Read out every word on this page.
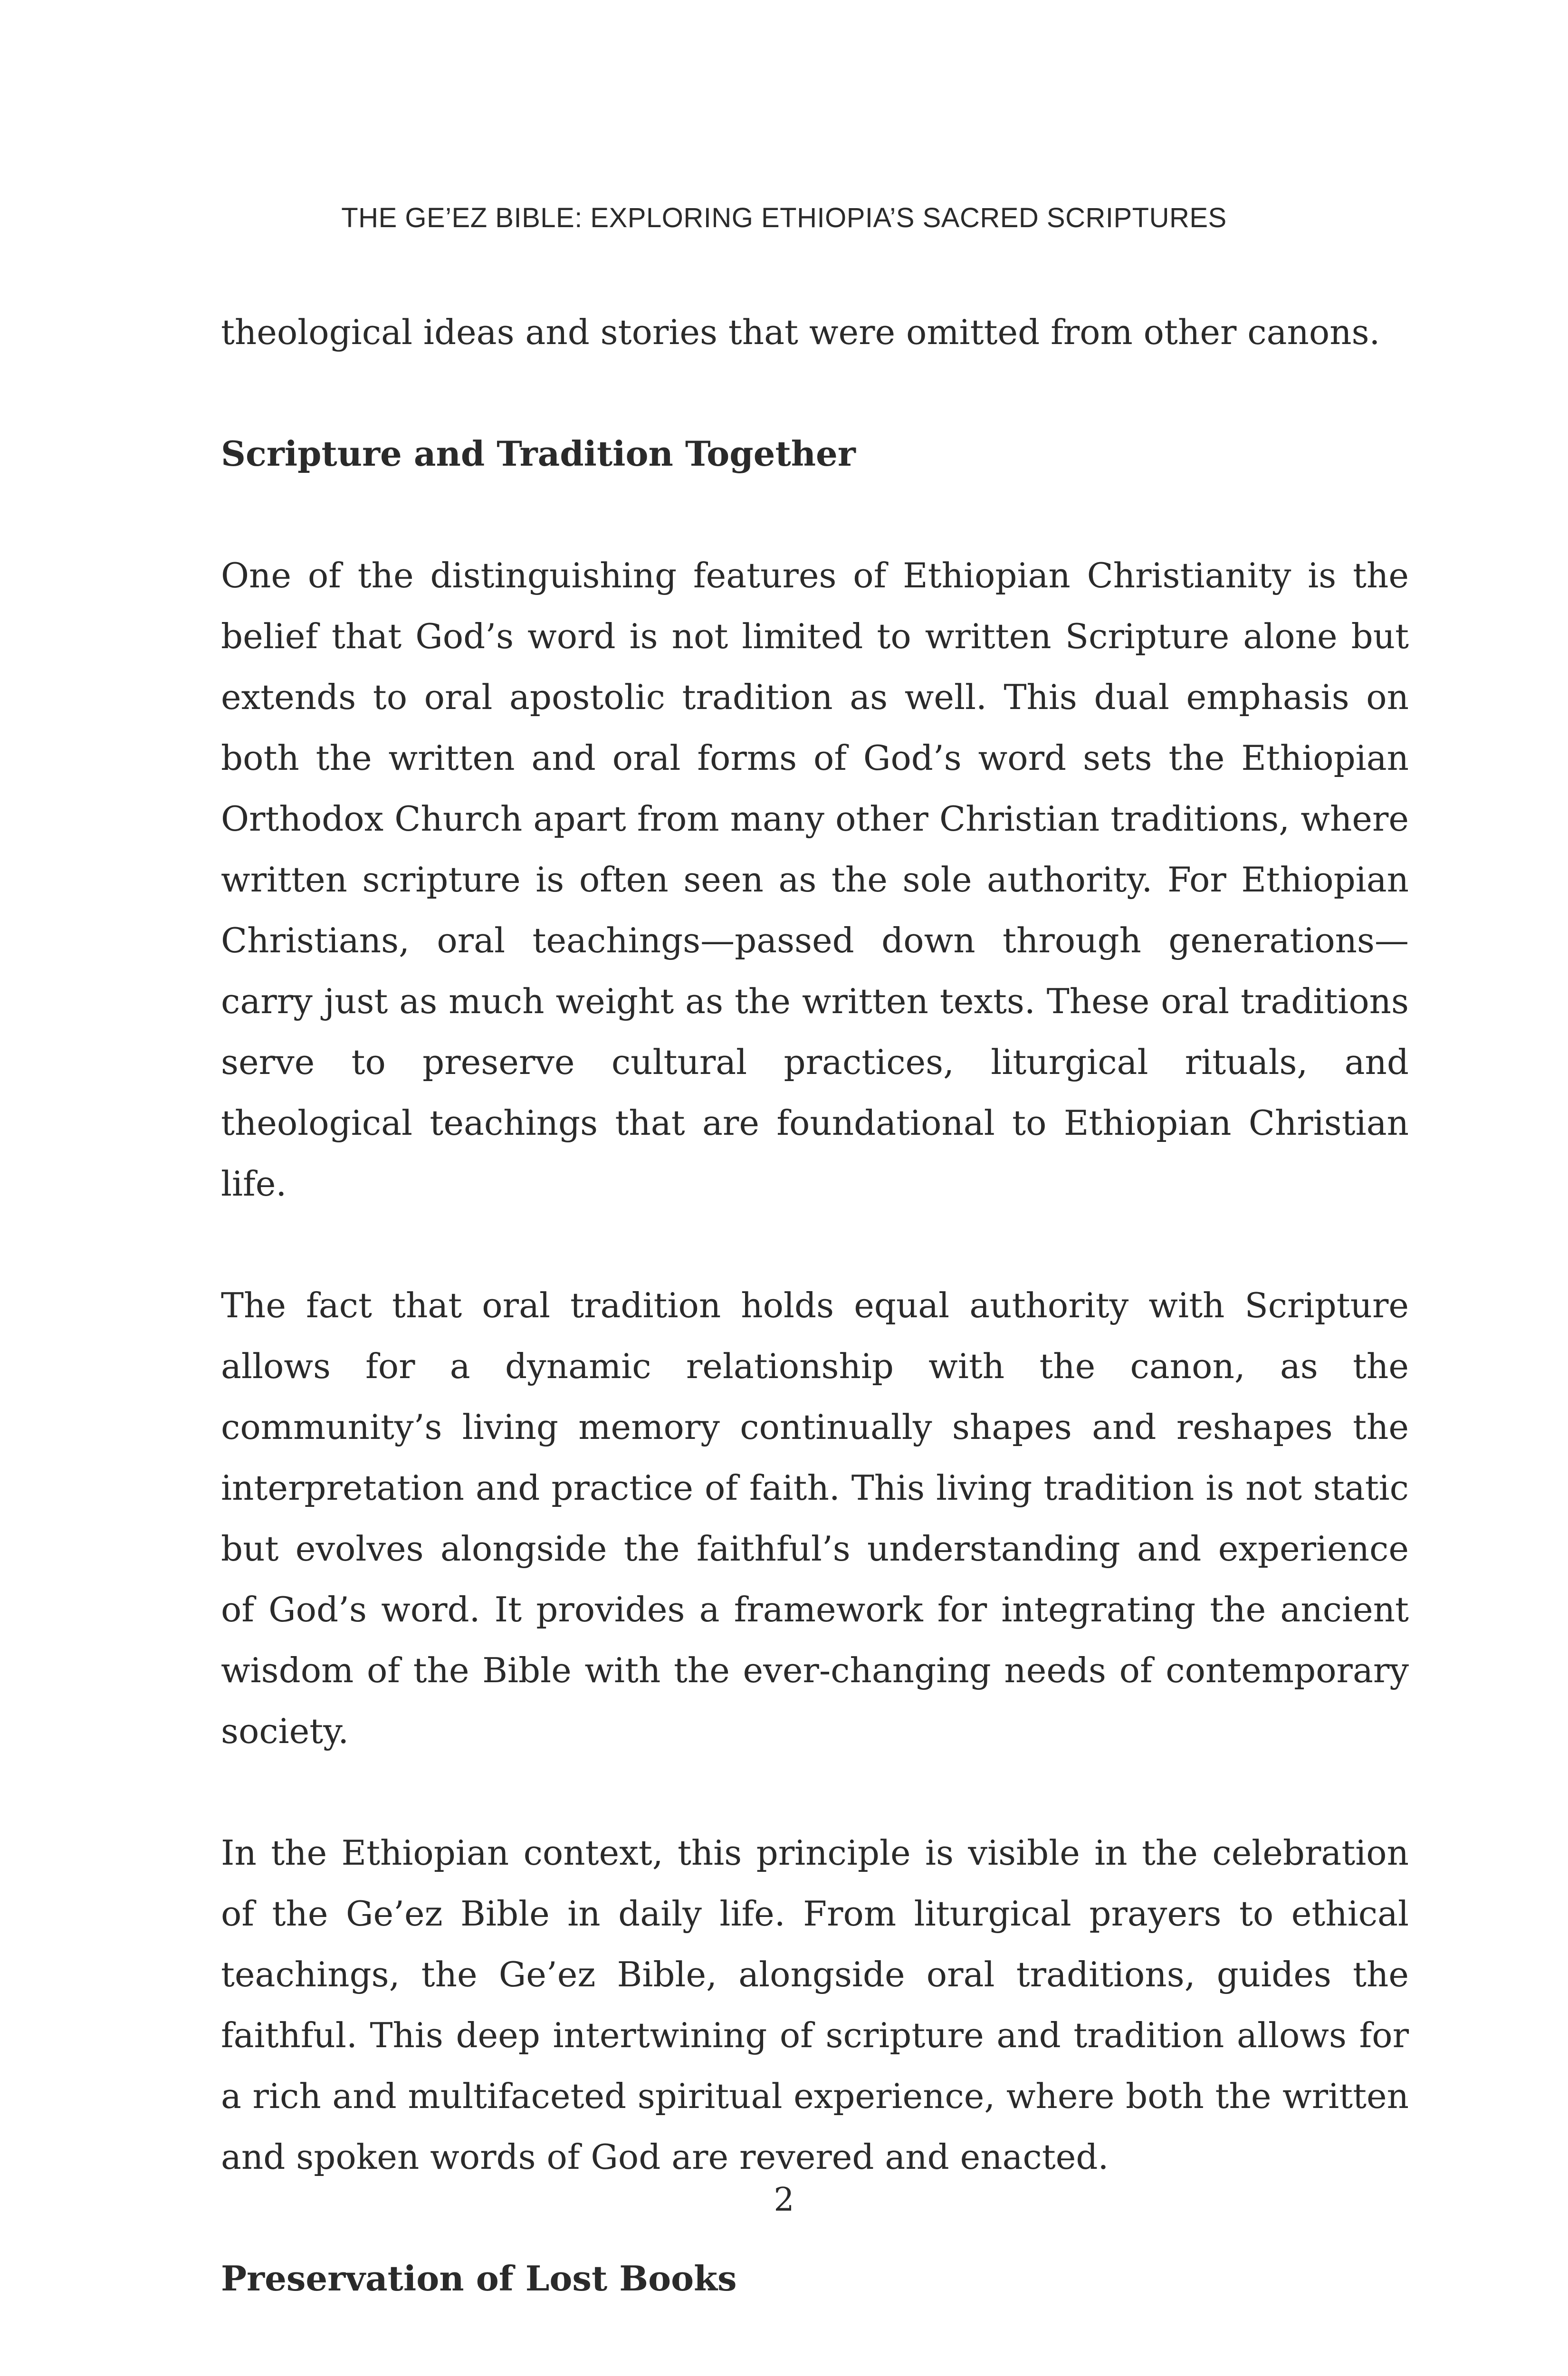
THE GE’EZ BIBLE: EXPLORING ETHIOPIA’S SACRED SCRIPTURES

theological ideas and stories that were omitted from other canons.

Scripture and Tradition Together

One of the distinguishing features of Ethiopian Christianity is the belief that God’s word is not limited to written Scripture alone but extends to oral apostolic tradition as well. This dual emphasis on both the written and oral forms of God’s word sets the Ethiopian Orthodox Church apart from many other Christian traditions, where written scripture is often seen as the sole authority. For Ethiopian Christians, oral teachings—passed down through generations—carry just as much weight as the written texts. These oral traditions serve to preserve cultural practices, liturgical rituals, and theological teachings that are foundational to Ethiopian Christian life.

The fact that oral tradition holds equal authority with Scripture allows for a dynamic relationship with the canon, as the community’s living memory continually shapes and reshapes the interpretation and practice of faith. This living tradition is not static but evolves alongside the faithful’s understanding and experience of God’s word. It provides a framework for integrating the ancient wisdom of the Bible with the ever-changing needs of contemporary society.

In the Ethiopian context, this principle is visible in the celebration of the Ge’ez Bible in daily life. From liturgical prayers to ethical teachings, the Ge’ez Bible, alongside oral traditions, guides the faithful. This deep intertwining of scripture and tradition allows for a rich and multifaceted spiritual experience, where both the written and spoken words of God are revered and enacted.

Preservation of Lost Books
2
